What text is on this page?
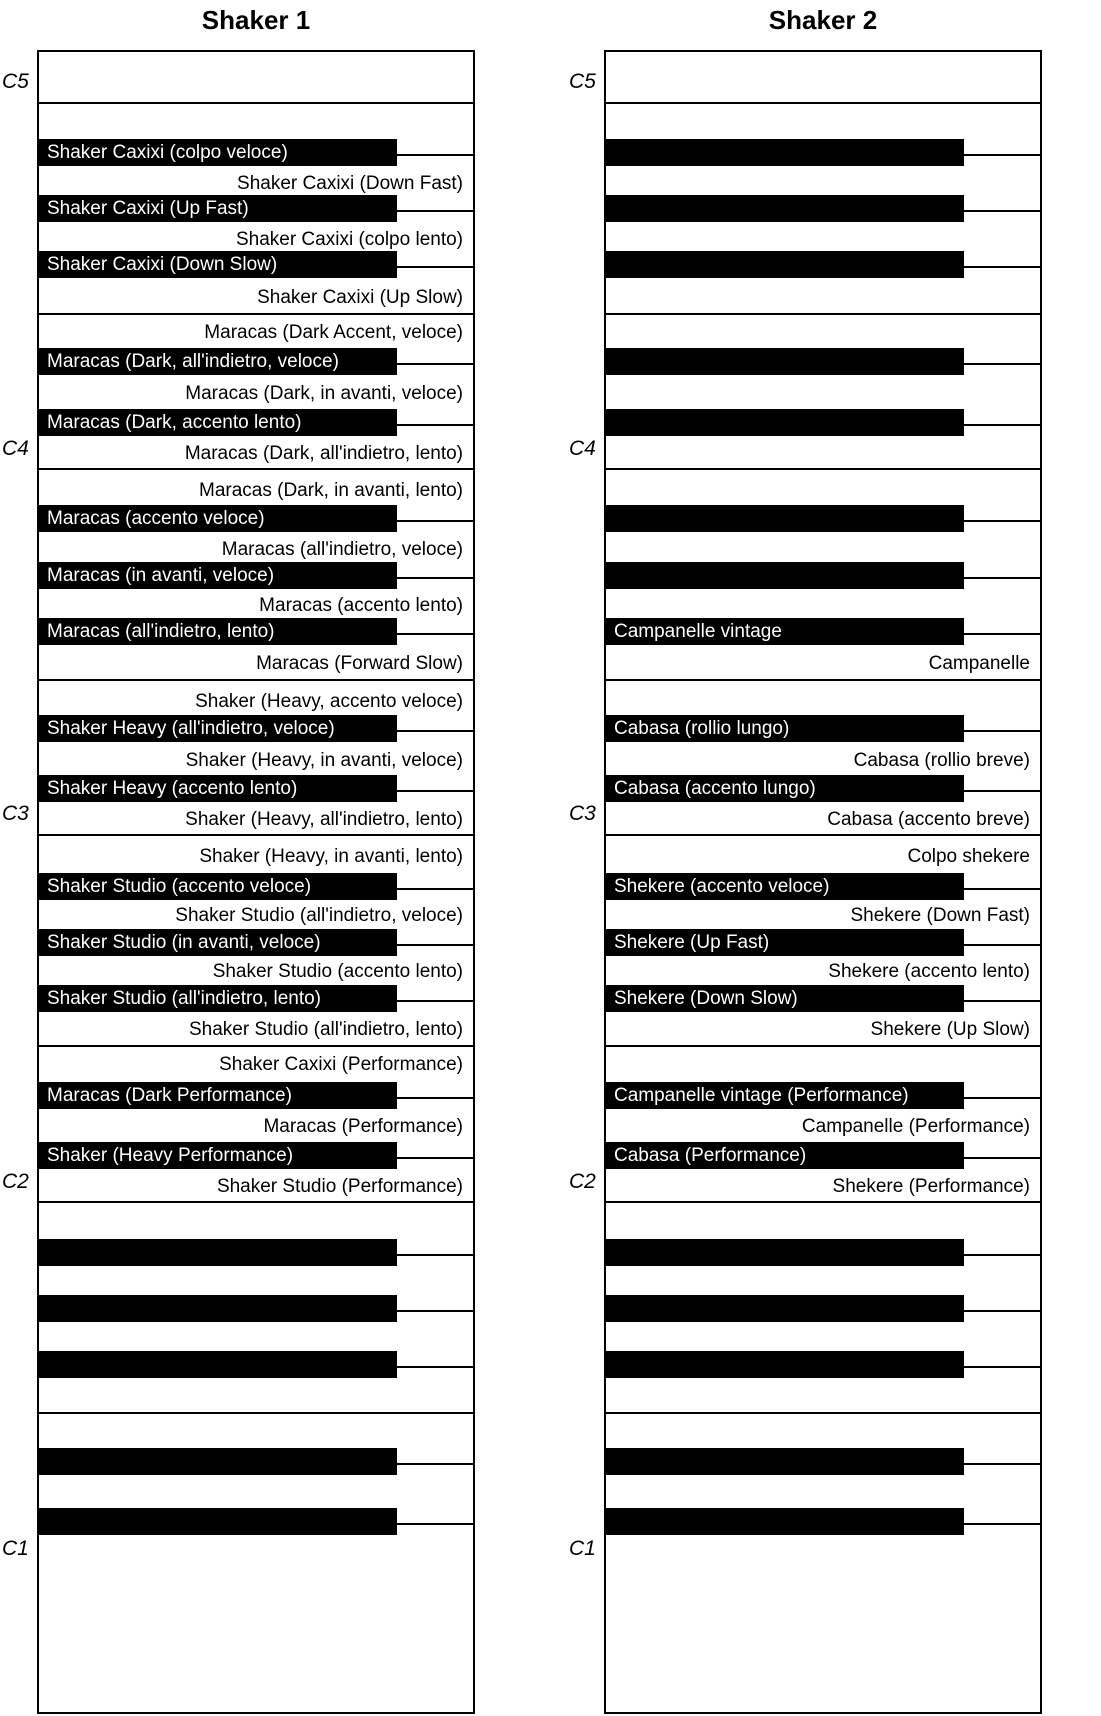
Shaker 1	Shaker 2
Shaker Caxixi (colpo veloce)
Shaker Caxixi (Up Fast)
Shaker Caxixi (Down Slow)
Maracas (Dark, all'indietro, veloce)
Maracas (Dark, accento lento)
Maracas (accento veloce)
Maracas (in avanti, veloce)
Maracas (all'indietro, lento)
Shaker Heavy (all'indietro, veloce)
Shaker Heavy (accento lento)
Shaker Studio (accento veloce)
Shaker Studio (in avanti, veloce)
Shaker Studio (all'indietro, lento)
Maracas (Dark Performance)
Shaker (Heavy Performance)
Shaker Caxixi (Down Fast)
Shaker Caxixi (colpo lento)
Shaker Caxixi (Up Slow)
Maracas (Dark Accent, veloce)
Maracas (Dark, in avanti, veloce)
Maracas (Dark, all'indietro, lento)
Maracas (Dark, in avanti, lento)
Maracas (all'indietro, veloce)
Maracas (accento lento)
Maracas (Forward Slow)
Shaker (Heavy, accento veloce)
Shaker (Heavy, in avanti, veloce)
Shaker (Heavy, all'indietro, lento)
Shaker (Heavy, in avanti, lento)
Shaker Studio (all'indietro, veloce)
Shaker Studio (accento lento)
Shaker Studio (all'indietro, lento)
Shaker Caxixi (Performance)
Maracas (Performance)
Shaker Studio (Performance)
Campanelle vintage
Cabasa (rollio lungo)
Cabasa (accento lungo)
Shekere (accento veloce)
Shekere (Up Fast)
Shekere (Down Slow)
Campanelle vintage (Performance)
Cabasa (Performance)
Campanelle
Cabasa (rollio breve)
Cabasa (accento breve)
Colpo shekere
Shekere (Down Fast)
Shekere (accento lento)
Shekere (Up Slow)
Campanelle (Performance)
Shekere (Performance)
C5
C4
C3
C2
C1
C5
C4
C3
C2
C1
